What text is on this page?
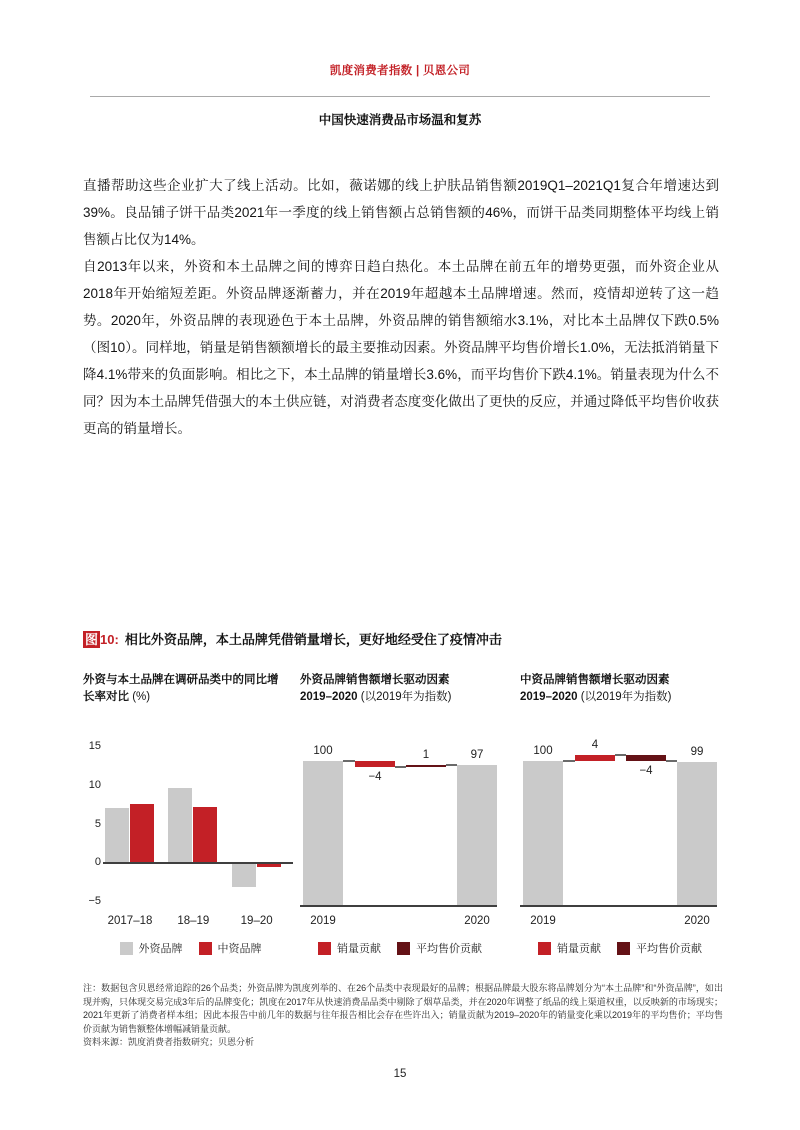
凯度消费者指数 | 贝恩公司
中国快速消费品市场温和复苏
直播帮助这些企业扩大了线上活动。比如，薇诺娜的线上护肤品销售额2019Q1–2021Q1复合年增速达到39%。良品铺子饼干品类2021年一季度的线上销售额占总销售额的46%，而饼干品类同期整体平均线上销售额占比仅为14%。
自2013年以来，外资和本土品牌之间的博弈日趋白热化。本土品牌在前五年的增势更强，而外资企业从2018年开始缩短差距。外资品牌逐渐蓄力，并在2019年超越本土品牌增速。然而，疫情却逆转了这一趋势。2020年，外资品牌的表现逊色于本土品牌，外资品牌的销售额缩水3.1%，对比本土品牌仅下跌0.5%（图10）。同样地，销量是销售额额增长的最主要推动因素。外资品牌平均售价增长1.0%，无法抵消销量下降4.1%带来的负面影响。相比之下，本土品牌的销量增长3.6%，而平均售价下跌4.1%。销量表现为什么不同？因为本土品牌凭借强大的本土供应链，对消费者态度变化做出了更快的反应，并通过降低平均售价收获更高的销量增长。
图 10: 相比外资品牌，本土品牌凭借销量增长，更好地经受住了疫情冲击
外资与本土品牌在调研品类中的同比增长率对比 (%)
15
10
5
0
−5
2017–18	18–19	19–20
外资品牌	中资品牌
外资品牌销售额增长驱动因素
2019–2020 (以2019年为指数)
100
2019
−4
1	97
2020
销量贡献	平均售价贡献
中资品牌销售额增长驱动因素
2019–2020 (以2019年为指数)
100
2019
4
−4
99
2020
销量贡献	平均售价贡献
注：数据包含贝恩经常追踪的26个品类；外资品牌为凯度列举的、在26个品类中表现最好的品牌；根据品牌最大股东将品牌划分为“本土品牌”和“外资品牌”，如出现并购，只体现交易完成3年后的品牌变化；凯度在2017年从快速消费品品类中剔除了烟草品类，并在2020年调整了纸品的线上渠道权重，以反映新的市场现实；2021年更新了消费者样本组；因此本报告中前几年的数据与往年报告相比会存在些许出入；销量贡献为2019–2020年的销量变化乘以2019年的平均售价；平均售价贡献为销售额整体增幅减销量贡献。
资料来源：凯度消费者指数研究；贝恩分析
15
